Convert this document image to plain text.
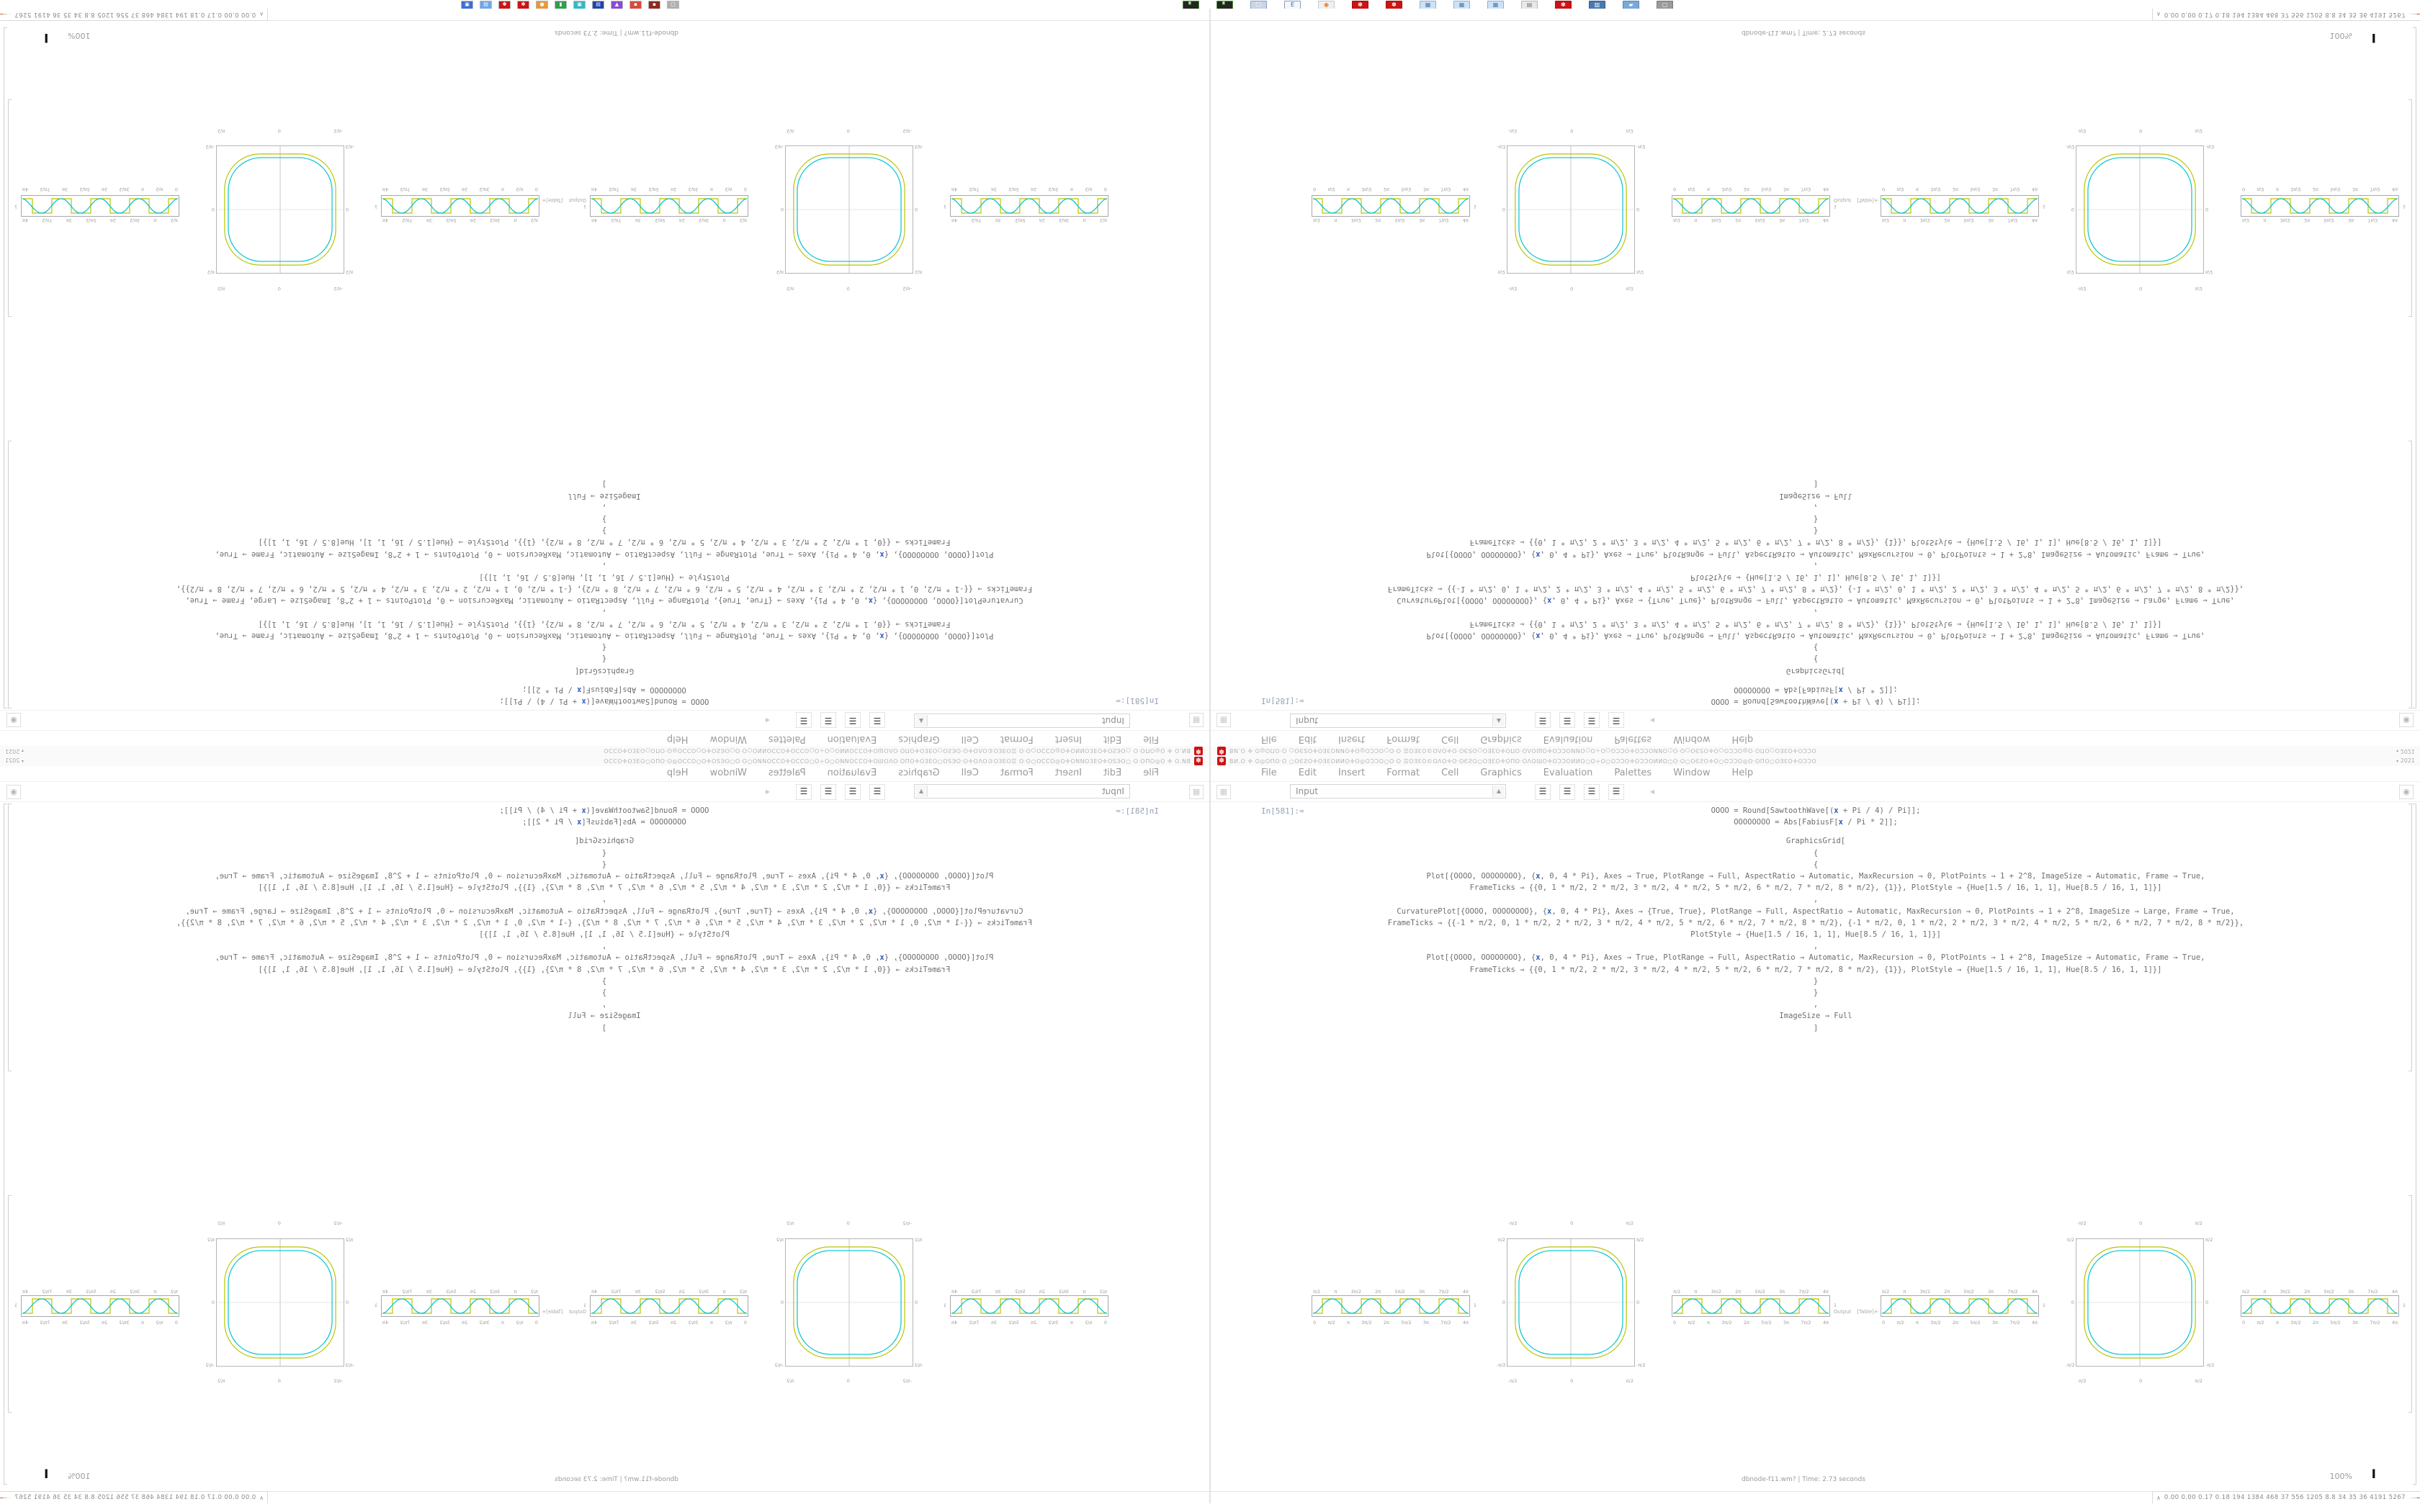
▣	▤	✽	✽	●	▮	▣	▤	▲	▪	▪	▢	▘	▘	🖵	E	◉	✽	✽	▦	▦	▦	▤	✽	▥	▰	▢
✽
BИ.O ✛ O◎OПO·O ○OЄƧO✛OƎƐOИИO✛O◎OƆƆO○O·O ☰OƎƐO©OΛO✛O·OЄƧO○OƎƐO✛OПO·OΛOƜO✛OƆƆOИИO○O÷O○OƆƆO✛OƆƆOИИO○O·O○OЄƧO✛O○OƆƆO◎O·OΠO○OƎƐO✛OƆƆO
▾ 2021
File
Edit
Insert
Format
Cell
Graphics
Evaluation
Palettes
Window
Help
▦
Input
▲
☰
☰
☰
☰
◂
◉
In[581]:=
OOOO = Round[SawtoothWave[(x + Pi / 4) / Pi]];
OOOOOOOO = Abs[FabiusF[x / Pi * 2]];
GraphicsGrid[
{
{
Plot[{OOOO, OOOOOOOO}, {x, 0, 4 * Pi}, Axes → True, PlotRange → Full, AspectRatio → Automatic, MaxRecursion → 0, PlotPoints → 1 + 2^8, ImageSize → Automatic, Frame → True,
FrameTicks → {{0, 1 * π/2, 2 * π/2, 3 * π/2, 4 * π/2, 5 * π/2, 6 * π/2, 7 * π/2, 8 * π/2}, {1}}, PlotStyle → {Hue[1.5 / 16, 1, 1], Hue[8.5 / 16, 1, 1]}]
,
CurvaturePlot[{OOOO, OOOOOOOO}, {x, 0, 4 * Pi}, Axes → {True, True}, PlotRange → Full, AspectRatio → Automatic, MaxRecursion → 0, PlotPoints → 1 + 2^8, ImageSize → Large, Frame → True,
FrameTicks → {{-1 * π/2, 0, 1 * π/2, 2 * π/2, 3 * π/2, 4 * π/2, 5 * π/2, 6 * π/2, 7 * π/2, 8 * π/2}, {-1 * π/2, 0, 1 * π/2, 2 * π/2, 3 * π/2, 4 * π/2, 5 * π/2, 6 * π/2, 7 * π/2, 8 * π/2}},
PlotStyle → {Hue[1.5 / 16, 1, 1], Hue[8.5 / 16, 1, 1]}]
,
Plot[{OOOO, OOOOOOOO}, {x, 0, 4 * Pi}, Axes → True, PlotRange → Full, AspectRatio → Automatic, MaxRecursion → 0, PlotPoints → 1 + 2^8, ImageSize → Automatic, Frame → True,
FrameTicks → {{0, 1 * π/2, 2 * π/2, 3 * π/2, 4 * π/2, 5 * π/2, 6 * π/2, 7 * π/2, 8 * π/2}, {1}}, PlotStyle → {Hue[1.5 / 16, 1, 1], Hue[8.5 / 16, 1, 1]}]
}
}
,
ImageSize → Full
]
π/2
π
3π/2
2π
5π/2
3π
7π/2
4π
1
0
π/2
π
3π/2
2π
5π/2
3π
7π/2
4π
-π/2
0
π/2
π/2
0
-π/2
π/2
0
-π/2
-π/2
0
π/2
π/2
π
3π/2
2π
5π/2
3π
7π/2
4π
1
0
π/2
π
3π/2
2π
5π/2
3π
7π/2
4π
π/2
π
3π/2
2π
5π/2
3π
7π/2
4π
1
0
π/2
π
3π/2
2π
5π/2
3π
7π/2
4π
-π/2
0
π/2
π/2
0
-π/2
π/2
0
-π/2
-π/2
0
π/2
π/2
π
3π/2
2π
5π/2
3π
7π/2
4π
1
0
π/2
π
3π/2
2π
5π/2
3π
7π/2
4π
Output
[Table]+
dbnode-f11.wm? | Time: 2.73 seconds
100%
I
∧
0.00 0.00 0.17 0.18 194 1384 468 37 556 1205 8.8 34 35 36 4191 5267
✽ BИ.O ✛ O◎OПO·O ○OЄƧO✛OƎƐOИИO✛O◎OƆƆO○O·O ☰OƎƐO©OΛO✛O·OЄƧO○OƎƐO✛OПO·OΛOƜO✛OƆƆOИИO○O÷O○OƆƆO✛OƆƆOИИO○O·O○OЄƧO✛O○OƆƆO◎O·OΠO○OƎƐO✛OƆƆO	▾ 2021
File Edit Insert Format Cell Graphics Evaluation Palettes Window Help
▦	Input	▲	☰	☰	☰	☰	◂	◉
In[581]:=	OOOO = Round[SawtoothWave[(x + Pi / 4) / Pi]];
OOOOOOOO = Abs[FabiusF[x / Pi * 2]];
GraphicsGrid[
{
{
Plot[{OOOO, OOOOOOOO}, {x, 0, 4 * Pi}, Axes → True, PlotRange → Full, AspectRatio → Automatic, MaxRecursion → 0, PlotPoints → 1 + 2^8, ImageSize → Automatic, Frame → True,
FrameTicks → {{0, 1 * π/2, 2 * π/2, 3 * π/2, 4 * π/2, 5 * π/2, 6 * π/2, 7 * π/2, 8 * π/2}, {1}}, PlotStyle → {Hue[1.5 / 16, 1, 1], Hue[8.5 / 16, 1, 1]}]
,
CurvaturePlot[{OOOO, OOOOOOOO}, {x, 0, 4 * Pi}, Axes → {True, True}, PlotRange → Full, AspectRatio → Automatic, MaxRecursion → 0, PlotPoints → 1 + 2^8, ImageSize → Large, Frame → True,
FrameTicks → {{-1 * π/2, 0, 1 * π/2, 2 * π/2, 3 * π/2, 4 * π/2, 5 * π/2, 6 * π/2, 7 * π/2, 8 * π/2}, {-1 * π/2, 0, 1 * π/2, 2 * π/2, 3 * π/2, 4 * π/2, 5 * π/2, 6 * π/2, 7 * π/2, 8 * π/2}},
PlotStyle → {Hue[1.5 / 16, 1, 1], Hue[8.5 / 16, 1, 1]}]
,
Plot[{OOOO, OOOOOOOO}, {x, 0, 4 * Pi}, Axes → True, PlotRange → Full, AspectRatio → Automatic, MaxRecursion → 0, PlotPoints → 1 + 2^8, ImageSize → Automatic, Frame → True,
FrameTicks → {{0, 1 * π/2, 2 * π/2, 3 * π/2, 4 * π/2, 5 * π/2, 6 * π/2, 7 * π/2, 8 * π/2}, {1}}, PlotStyle → {Hue[1.5 / 16, 1, 1], Hue[8.5 / 16, 1, 1]}]
}
}
,
ImageSize → Full
]
π/2	π	3π/2	2π	5π/2	3π	7π/2	4π
1
0	π/2	π	3π/2	2π	5π/2	3π	7π/2	4π
-π/2	0	π/2
π/2
0
-π/2
π/2
0
-π/2
-π/2	0	π/2
π/2	π	3π/2	2π	5π/2	3π	7π/2	4π
1
0	π/2	π	3π/2	2π	5π/2	3π	7π/2	4π
π/2	π	3π/2	2π	5π/2	3π	7π/2	4π
1
0	π/2	π	3π/2	2π	5π/2	3π	7π/2	4π
-π/2	0	π/2
π/2
0
-π/2
π/2
0
-π/2
-π/2	0	π/2
π/2	π	3π/2	2π	5π/2	3π	7π/2	4π
1
0	π/2	π	3π/2	2π	5π/2	3π	7π/2	4π
Output [Table]+
dbnode-f11.wm? | Time: 2.73 seconds	100% I
∧ 0.00 0.00 0.17 0.18 194 1384 468 37 556 1205 8.8 34 35 36 4191 5267
✽
BИ.O ✛ O◎OПO·O ○OЄƧO✛OƎƐOИИO✛O◎OƆƆO○O·O ☰OƎƐO©OΛO✛O·OЄƧO○OƎƐO✛OПO·OΛOƜO✛OƆƆOИИO○O÷O○OƆƆO✛OƆƆOИИO○O·O○OЄƧO✛O○OƆƆO◎O·OΠO○OƎƐO✛OƆƆO
▾ 2021
File
Edit
Insert
Format
Cell
Graphics
Evaluation
Palettes
Window
Help
▦
Input
▲
☰
☰
☰
☰
◂
◉
In[581]:=
OOOO = Round[SawtoothWave[(x + Pi / 4) / Pi]];
OOOOOOOO = Abs[FabiusF[x / Pi * 2]];
GraphicsGrid[
{
{
Plot[{OOOO, OOOOOOOO}, {x, 0, 4 * Pi}, Axes → True, PlotRange → Full, AspectRatio → Automatic, MaxRecursion → 0, PlotPoints → 1 + 2^8, ImageSize → Automatic, Frame → True,
FrameTicks → {{0, 1 * π/2, 2 * π/2, 3 * π/2, 4 * π/2, 5 * π/2, 6 * π/2, 7 * π/2, 8 * π/2}, {1}}, PlotStyle → {Hue[1.5 / 16, 1, 1], Hue[8.5 / 16, 1, 1]}]
,
CurvaturePlot[{OOOO, OOOOOOOO}, {x, 0, 4 * Pi}, Axes → {True, True}, PlotRange → Full, AspectRatio → Automatic, MaxRecursion → 0, PlotPoints → 1 + 2^8, ImageSize → Large, Frame → True,
FrameTicks → {{-1 * π/2, 0, 1 * π/2, 2 * π/2, 3 * π/2, 4 * π/2, 5 * π/2, 6 * π/2, 7 * π/2, 8 * π/2}, {-1 * π/2, 0, 1 * π/2, 2 * π/2, 3 * π/2, 4 * π/2, 5 * π/2, 6 * π/2, 7 * π/2, 8 * π/2}},
PlotStyle → {Hue[1.5 / 16, 1, 1], Hue[8.5 / 16, 1, 1]}]
,
Plot[{OOOO, OOOOOOOO}, {x, 0, 4 * Pi}, Axes → True, PlotRange → Full, AspectRatio → Automatic, MaxRecursion → 0, PlotPoints → 1 + 2^8, ImageSize → Automatic, Frame → True,
FrameTicks → {{0, 1 * π/2, 2 * π/2, 3 * π/2, 4 * π/2, 5 * π/2, 6 * π/2, 7 * π/2, 8 * π/2}, {1}}, PlotStyle → {Hue[1.5 / 16, 1, 1], Hue[8.5 / 16, 1, 1]}]
}
}
,
ImageSize → Full
]
π/2
π
3π/2
2π
5π/2
3π
7π/2
4π
1
0
π/2
π
3π/2
2π
5π/2
3π
7π/2
4π
-π/2
0
π/2
π/2
0
-π/2
π/2
0
-π/2
-π/2
0
π/2
π/2
π
3π/2
2π
5π/2
3π
7π/2
4π
1
0
π/2
π
3π/2
2π
5π/2
3π
7π/2
4π
π/2
π
3π/2
2π
5π/2
3π
7π/2
4π
1
0
π/2
π
3π/2
2π
5π/2
3π
7π/2
4π
-π/2
0
π/2
π/2
0
-π/2
π/2
0
-π/2
-π/2
0
π/2
π/2
π
3π/2
2π
5π/2
3π
7π/2
4π
1
0
π/2
π
3π/2
2π
5π/2
3π
7π/2
4π
Output
[Table]+
dbnode-f11.wm? | Time: 2.73 seconds
100%
I
∧
0.00 0.00 0.17 0.18 194 1384 468 37 556 1205 8.8 34 35 36 4191 5267
✽ BИ.O ✛ O◎OПO·O ○OЄƧO✛OƎƐOИИO✛O◎OƆƆO○O·O ☰OƎƐO©OΛO✛O·OЄƧO○OƎƐO✛OПO·OΛOƜO✛OƆƆOИИO○O÷O○OƆƆO✛OƆƆOИИO○O·O○OЄƧO✛O○OƆƆO◎O·OΠO○OƎƐO✛OƆƆO	▾ 2021
File Edit Insert Format Cell Graphics Evaluation Palettes Window Help
▦	Input	▲	☰	☰	☰	☰	◂	◉
In[581]:=	OOOO = Round[SawtoothWave[(x + Pi / 4) / Pi]];
OOOOOOOO = Abs[FabiusF[x / Pi * 2]];
GraphicsGrid[
{
{
Plot[{OOOO, OOOOOOOO}, {x, 0, 4 * Pi}, Axes → True, PlotRange → Full, AspectRatio → Automatic, MaxRecursion → 0, PlotPoints → 1 + 2^8, ImageSize → Automatic, Frame → True,
FrameTicks → {{0, 1 * π/2, 2 * π/2, 3 * π/2, 4 * π/2, 5 * π/2, 6 * π/2, 7 * π/2, 8 * π/2}, {1}}, PlotStyle → {Hue[1.5 / 16, 1, 1], Hue[8.5 / 16, 1, 1]}]
,
CurvaturePlot[{OOOO, OOOOOOOO}, {x, 0, 4 * Pi}, Axes → {True, True}, PlotRange → Full, AspectRatio → Automatic, MaxRecursion → 0, PlotPoints → 1 + 2^8, ImageSize → Large, Frame → True,
FrameTicks → {{-1 * π/2, 0, 1 * π/2, 2 * π/2, 3 * π/2, 4 * π/2, 5 * π/2, 6 * π/2, 7 * π/2, 8 * π/2}, {-1 * π/2, 0, 1 * π/2, 2 * π/2, 3 * π/2, 4 * π/2, 5 * π/2, 6 * π/2, 7 * π/2, 8 * π/2}},
PlotStyle → {Hue[1.5 / 16, 1, 1], Hue[8.5 / 16, 1, 1]}]
,
Plot[{OOOO, OOOOOOOO}, {x, 0, 4 * Pi}, Axes → True, PlotRange → Full, AspectRatio → Automatic, MaxRecursion → 0, PlotPoints → 1 + 2^8, ImageSize → Automatic, Frame → True,
FrameTicks → {{0, 1 * π/2, 2 * π/2, 3 * π/2, 4 * π/2, 5 * π/2, 6 * π/2, 7 * π/2, 8 * π/2}, {1}}, PlotStyle → {Hue[1.5 / 16, 1, 1], Hue[8.5 / 16, 1, 1]}]
}
}
,
ImageSize → Full
]
π/2	π	3π/2	2π	5π/2	3π	7π/2	4π
1
0	π/2	π	3π/2	2π	5π/2	3π	7π/2	4π
-π/2	0	π/2
π/2
0
-π/2
π/2
0
-π/2
-π/2	0	π/2
π/2	π	3π/2	2π	5π/2	3π	7π/2	4π
1
0	π/2	π	3π/2	2π	5π/2	3π	7π/2	4π
π/2	π	3π/2	2π	5π/2	3π	7π/2	4π
1
0	π/2	π	3π/2	2π	5π/2	3π	7π/2	4π
-π/2	0	π/2
π/2
0
-π/2
π/2
0
-π/2
-π/2	0	π/2
π/2	π	3π/2	2π	5π/2	3π	7π/2	4π
1
0	π/2	π	3π/2	2π	5π/2	3π	7π/2	4π
Output [Table]+
dbnode-f11.wm? | Time: 2.73 seconds	100% I
∧ 0.00 0.00 0.17 0.18 194 1384 468 37 556 1205 8.8 34 35 36 4191 5267
